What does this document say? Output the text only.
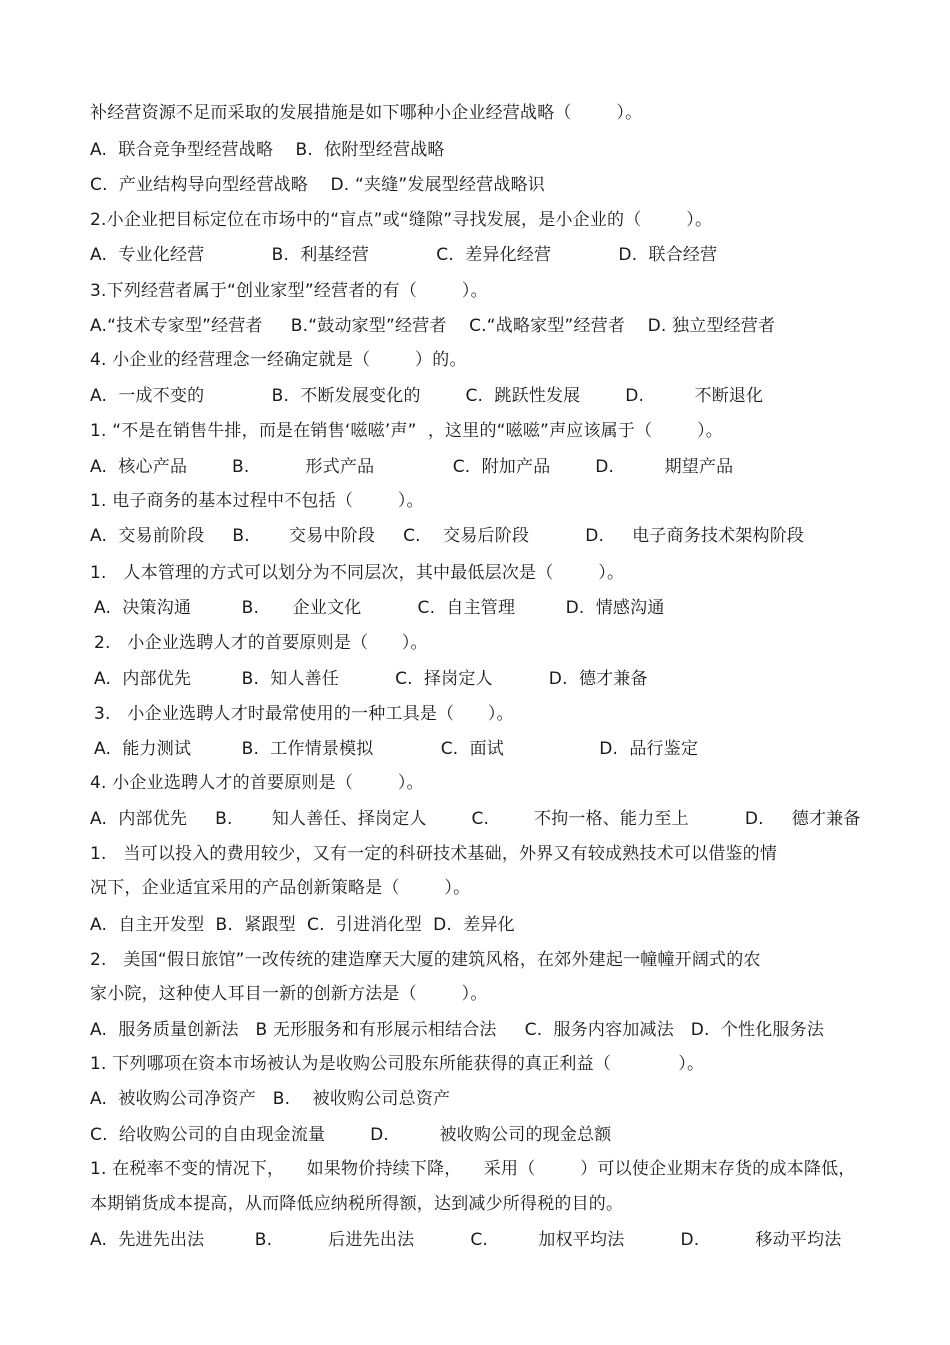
补经营资源不足而采取的发展措施是如下哪种小企业经营战略（        ）。
A.  联合竞争型经营战略    B.  依附型经营战略
C.  产业结构导向型经营战略    D. “夹缝”发展型经营战略识
2.小企业把目标定位在市场中的“盲点”或“缝隙”寻找发展，是小企业的（        ）。
A.  专业化经营            B.  利基经营            C.  差异化经营            D.  联合经营
3.下列经营者属于“创业家型”经营者的有（        ）。
A.“技术专家型”经营者     B.“鼓动家型”经营者    C.“战略家型”经营者    D. 独立型经营者
4. 小企业的经营理念一经确定就是（        ）的。
A.  一成不变的            B.  不断发展变化的        C.  跳跃性发展        D.         不断退化
1. “不是在销售牛排，而是在销售‘嗞嗞’声”  ，这里的“嗞嗞”声应该属于（        ）。
A.  核心产品        B.          形式产品              C.  附加产品        D.         期望产品
1. 电子商务的基本过程中不包括（        ）。
A.  交易前阶段     B.       交易中阶段     C.    交易后阶段          D.     电子商务技术架构阶段
1.   人本管理的方式可以划分为不同层次，其中最低层次是（        ）。
A.  决策沟通         B.      企业文化          C.  自主管理         D.  情感沟通
2.   小企业选聘人才的首要原则是（      ）。
A.  内部优先         B.  知人善任          C.  择岗定人          D.  德才兼备
3.   小企业选聘人才时最常使用的一种工具是（      ）。
A.  能力测试         B.  工作情景模拟            C.  面试                 D.  品行鉴定
4. 小企业选聘人才的首要原则是（        ）。
A.  内部优先     B.       知人善任、择岗定人        C.        不拘一格、能力至上          D.     德才兼备
1.   当可以投入的费用较少，又有一定的科研技术基础，外界又有较成熟技术可以借鉴的情
况下，企业适宜采用的产品创新策略是（        ）。
A.  自主开发型  B.  紧跟型  C.  引进消化型  D.  差异化
2.   美国“假日旅馆”一改传统的建造摩天大厦的建筑风格，在郊外建起一幢幢开阔式的农
家小院，这种使人耳目一新的创新方法是（        ）。
A.  服务质量创新法   B 无形服务和有形展示相结合法     C.  服务内容加减法   D.  个性化服务法
1. 下列哪项在资本市场被认为是收购公司股东所能获得的真正利益（            ）。
A.  被收购公司净资产   B.    被收购公司总资产
C.  给收购公司的自由现金流量        D.         被收购公司的现金总额
1. 在税率不变的情况下，    如果物价持续下降，    采用（        ）可以使企业期末存货的成本降低，
本期销货成本提高，从而降低应纳税所得额，达到减少所得税的目的。
A.  先进先出法         B.          后进先出法          C.         加权平均法          D.          移动平均法
